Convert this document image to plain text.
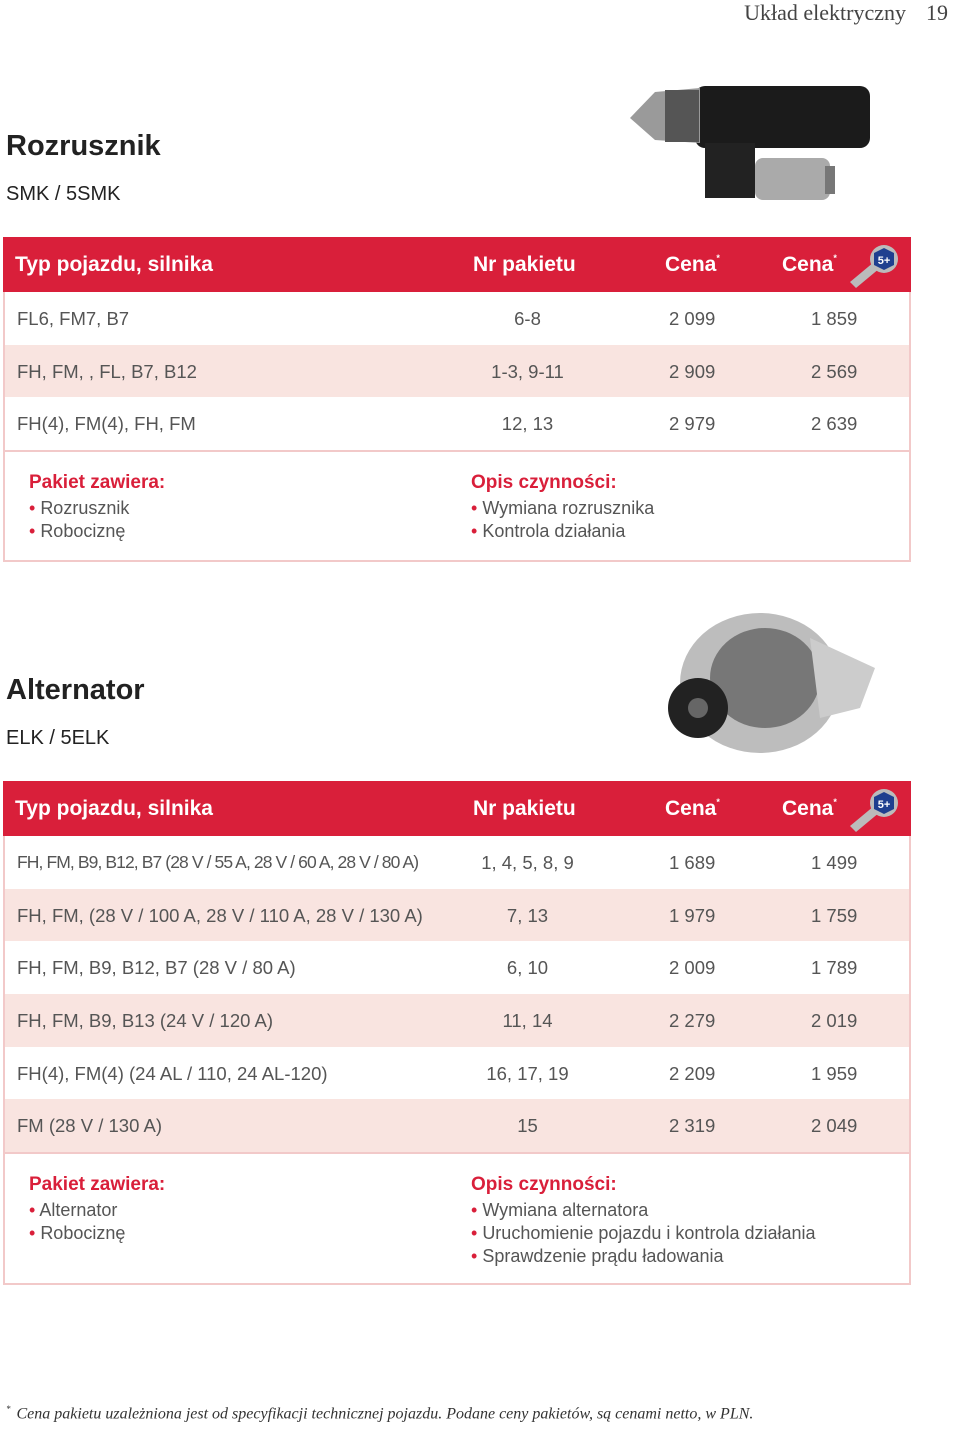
Układ elektryczny 19
Rozrusznik
SMK / 5SMK
Typ pojazdu, silnika	Nr pakietu	Cena*	Cena*	5+
FL6, FM7, B7	6-8	2 099	1 859
FH, FM, , FL, B7, B12	1-3, 9-11	2 909	2 569
FH(4), FM(4), FH, FM	12, 13	2 979	2 639
Pakiet zawiera:
• Rozrusznik
• Robociznę
Opis czynności:
• Wymiana rozrusznika
• Kontrola działania
Alternator
ELK / 5ELK
Typ pojazdu, silnika	Nr pakietu	Cena*	Cena*	5+
FH, FM, B9, B12, B7 (28 V / 55 A, 28 V / 60 A, 28 V / 80 A)	1, 4, 5, 8, 9	1 689	1 499
FH, FM, (28 V / 100 A, 28 V / 110 A, 28 V / 130 A)	7, 13	1 979	1 759
FH, FM, B9, B12, B7 (28 V / 80 A)	6, 10	2 009	1 789
FH, FM, B9, B13 (24 V / 120 A)	11, 14	2 279	2 019
FH(4), FM(4) (24 AL / 110, 24 AL-120)	16, 17, 19	2 209	1 959
FM (28 V / 130 A)	15	2 319	2 049
Pakiet zawiera:
• Alternator
• Robociznę
Opis czynności:
• Wymiana alternatora
• Uruchomienie pojazdu i kontrola działania
• Sprawdzenie prądu ładowania
* Cena pakietu uzależniona jest od specyfikacji technicznej pojazdu. Podane ceny pakietów, są cenami netto, w PLN.
